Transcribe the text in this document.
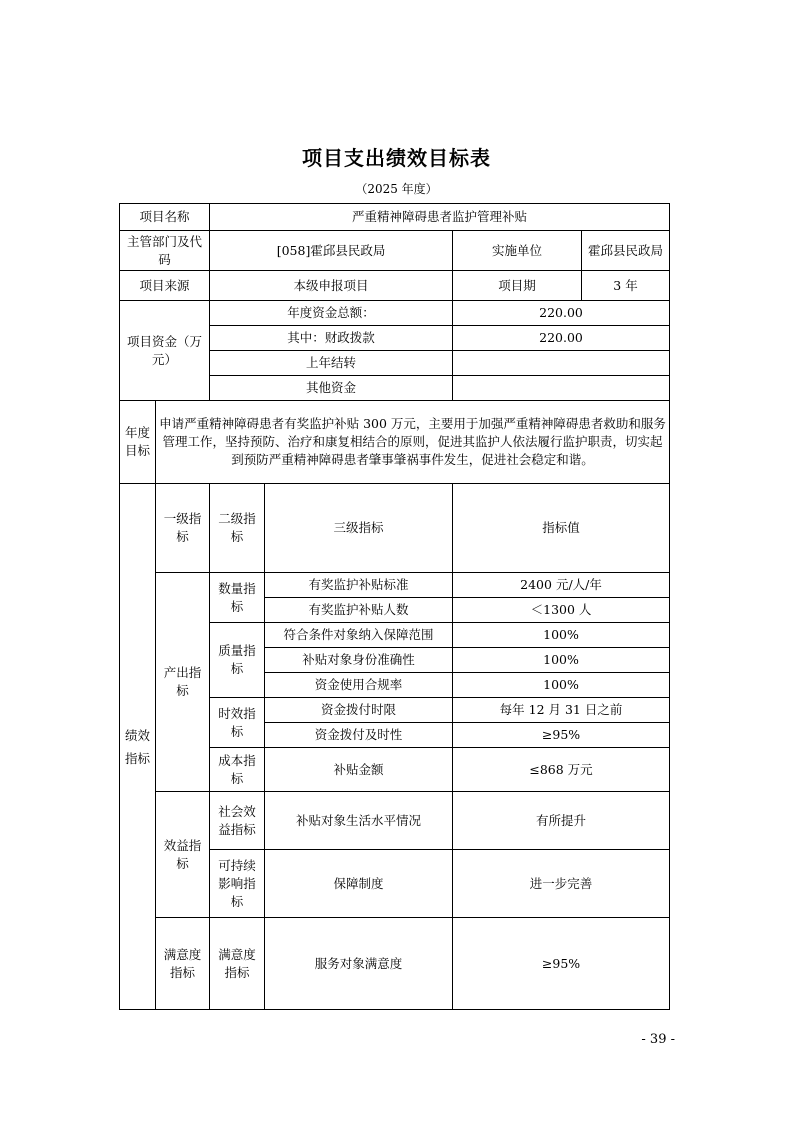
项目支出绩效目标表
（2025 年度）
项目名称		严重精神障碍患者监护管理补贴			
主管部门及代码		[058]霍邱县民政局		实施单位	霍邱县民政局
项目来源		本级申报项目		项目期	3 年
项目资金（万元）		年度资金总额：		220.00	
		其中：财政拨款		220.00	
		上年结转			
		其他资金			
年度目标	申请严重精神障碍患者有奖监护补贴 300 万元，主要用于加强严重精神障碍患者救助和服务管理工作，坚持预防、治疗和康复相结合的原则，促进其监护人依法履行监护职责，切实起到预防严重精神障碍患者肇事肇祸事件发生，促进社会稳定和谐。				
绩效指标	一级指标	二级指标	三级指标	指标值	
	产出指标	数量指标	有奖监护补贴标准	2400 元/人/年	
			有奖监护补贴人数	＜1300 人	
		质量指标	符合条件对象纳入保障范围	100%	
			补贴对象身份准确性	100%	
			资金使用合规率	100%	
		时效指标	资金拨付时限	每年 12 月 31 日之前	
			资金拨付及时性	≥95%	
		成本指标	补贴金额	≤868 万元	
	效益指标	社会效益指标	补贴对象生活水平情况	有所提升	
		可持续影响指标	保障制度	进一步完善	
	满意度指标	满意度指标	服务对象满意度	≥95%	
- 39 -
